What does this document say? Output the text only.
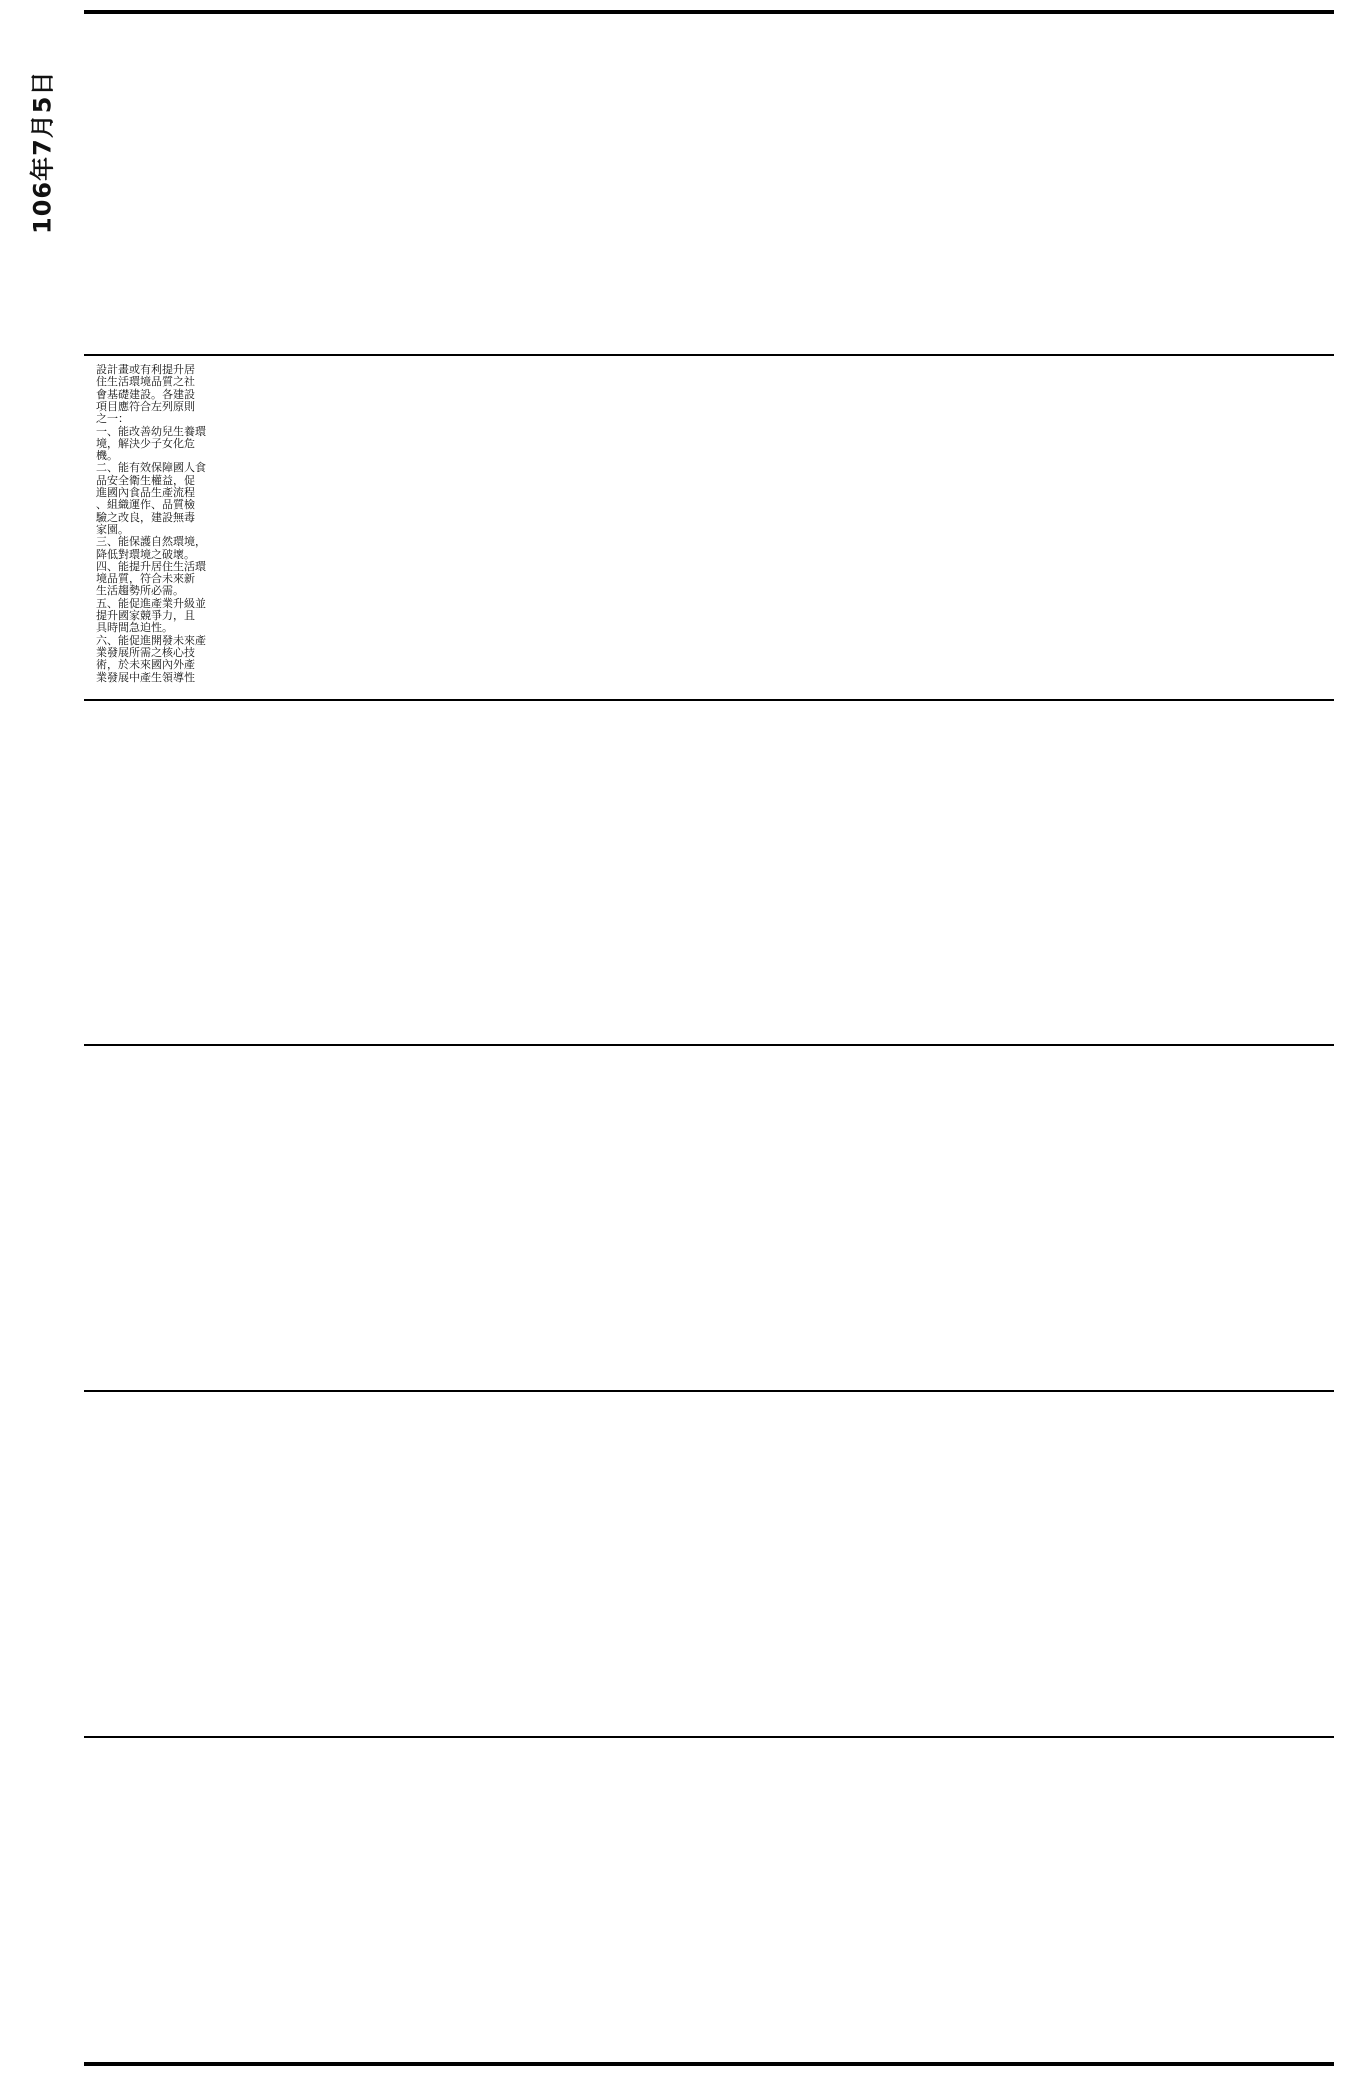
106年7月5日
設計畫或有利提升居
住生活環境品質之社
會基礎建設。各建設
項目應符合左列原則
之一：
一、能改善幼兒生養環
境，解決少子女化危
機。
二、能有效保障國人食
品安全衛生權益，促
進國內食品生產流程
、組織運作、品質檢
驗之改良，建設無毒
家園。
三、能保護自然環境，
降低對環境之破壞。
四、能提升居住生活環
境品質，符合未來新
生活趨勢所必需。
五、能促進產業升級並
提升國家競爭力，且
具時間急迫性。
六、能促進開發未來產
業發展所需之核心技
術，於未來國內外產
業發展中產生領導性
